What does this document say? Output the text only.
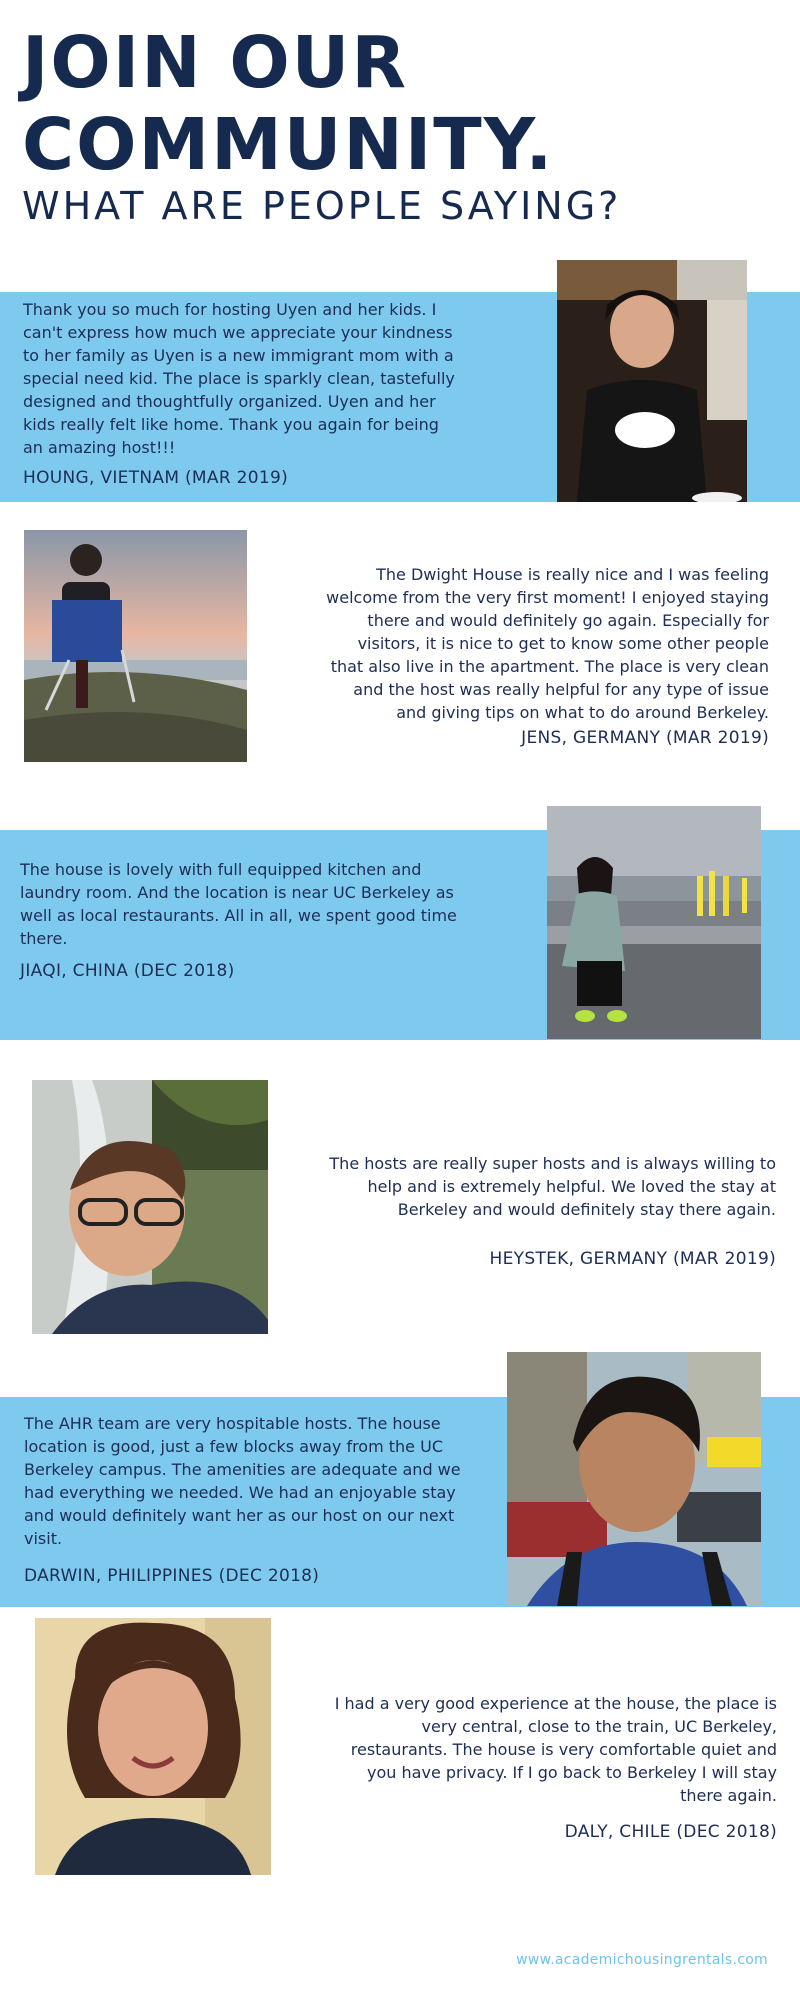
JOIN OUR
COMMUNITY.
WHAT ARE PEOPLE SAYING?

Thank you so much for hosting Uyen and her kids. I can't express how much we appreciate your kindness to her family as Uyen is a new immigrant mom with a special need kid. The place is sparkly clean, tastefully designed and thoughtfully organized. Uyen and her kids really felt like home. Thank you again for being an amazing host!!!

HOUNG, VIETNAM (MAR 2019)

The Dwight House is really nice and I was feeling welcome from the very first moment! I enjoyed staying there and would definitely go again. Especially for visitors, it is nice to get to know some other people that also live in the apartment. The place is very clean and the host was really helpful for any type of issue and giving tips on what to do around Berkeley.

JENS, GERMANY (MAR 2019)

The house is lovely with full equipped kitchen and laundry room. And the location is near UC Berkeley as well as local restaurants. All in all, we spent good time there.

JIAQI, CHINA (DEC 2018)

The hosts are really super hosts and is always willing to help and is extremely helpful. We loved the stay at Berkeley and would definitely stay there again.

HEYSTEK, GERMANY (MAR 2019)

The AHR team are very hospitable hosts. The house location is good, just a few blocks away from the UC Berkeley campus. The amenities are adequate and we had everything we needed. We had an enjoyable stay and would definitely want her as our host on our next visit.

DARWIN, PHILIPPINES (DEC 2018)

I had a very good experience at the house, the place is very central, close to the train, UC Berkeley, restaurants. The house is very comfortable quiet and you have privacy. If I go back to Berkeley I will stay there again.

DALY, CHILE (DEC 2018)

www.academichousingrentals.com
